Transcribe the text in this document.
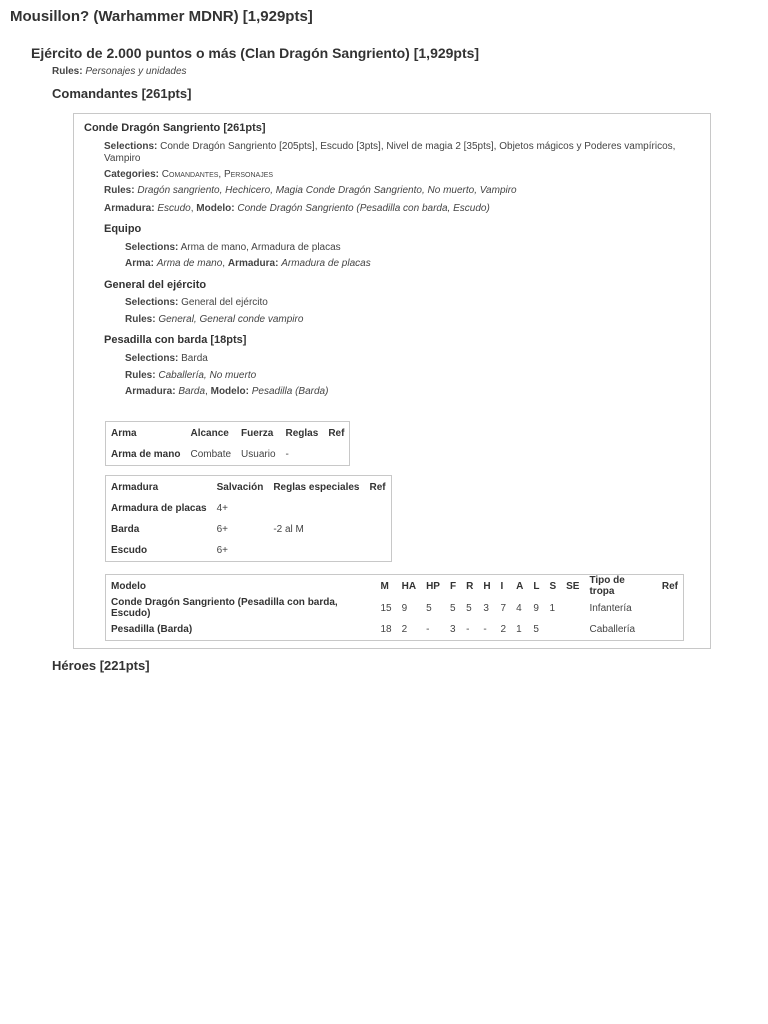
Mousillon? (Warhammer MDNR) [1,929pts]
Ejército de 2.000 puntos o más (Clan Dragón Sangriento) [1,929pts]
Rules: Personajes y unidades
Comandantes [261pts]
Conde Dragón Sangriento [261pts]
Selections: Conde Dragón Sangriento [205pts], Escudo [3pts], Nivel de magia 2 [35pts], Objetos mágicos y Poderes vampíricos,
Vampiro
Categories: Comandantes, Personajes
Rules: Dragón sangriento, Hechicero, Magia Conde Dragón Sangriento, No muerto, Vampiro
Armadura: Escudo, Modelo: Conde Dragón Sangriento (Pesadilla con barda, Escudo)
Equipo
Selections: Arma de mano, Armadura de placas
Arma: Arma de mano, Armadura: Armadura de placas
General del ejército
Selections: General del ejército
Rules: General, General conde vampiro
Pesadilla con barda [18pts]
Selections: Barda
Rules: Caballería, No muerto
Armadura: Barda, Modelo: Pesadilla (Barda)
Arma	Alcance	Fuerza	Reglas	Ref
Arma de mano	Combate	Usuario	-	
Armadura	Salvación	Reglas especiales	Ref
Armadura de placas	4+		
Barda	6+	-2 al M	
Escudo	6+		
Modelo	M	HA	HP	F	R	H	I	A	L	S	SE	Tipo de tropa	Ref
Conde Dragón Sangriento (Pesadilla con barda, Escudo)	15	9	5	5	5	3	7	4	9	1		Infantería	
Pesadilla (Barda)	18	2	-	3	-	-	2	1	5			Caballería	
Héroes [221pts]
